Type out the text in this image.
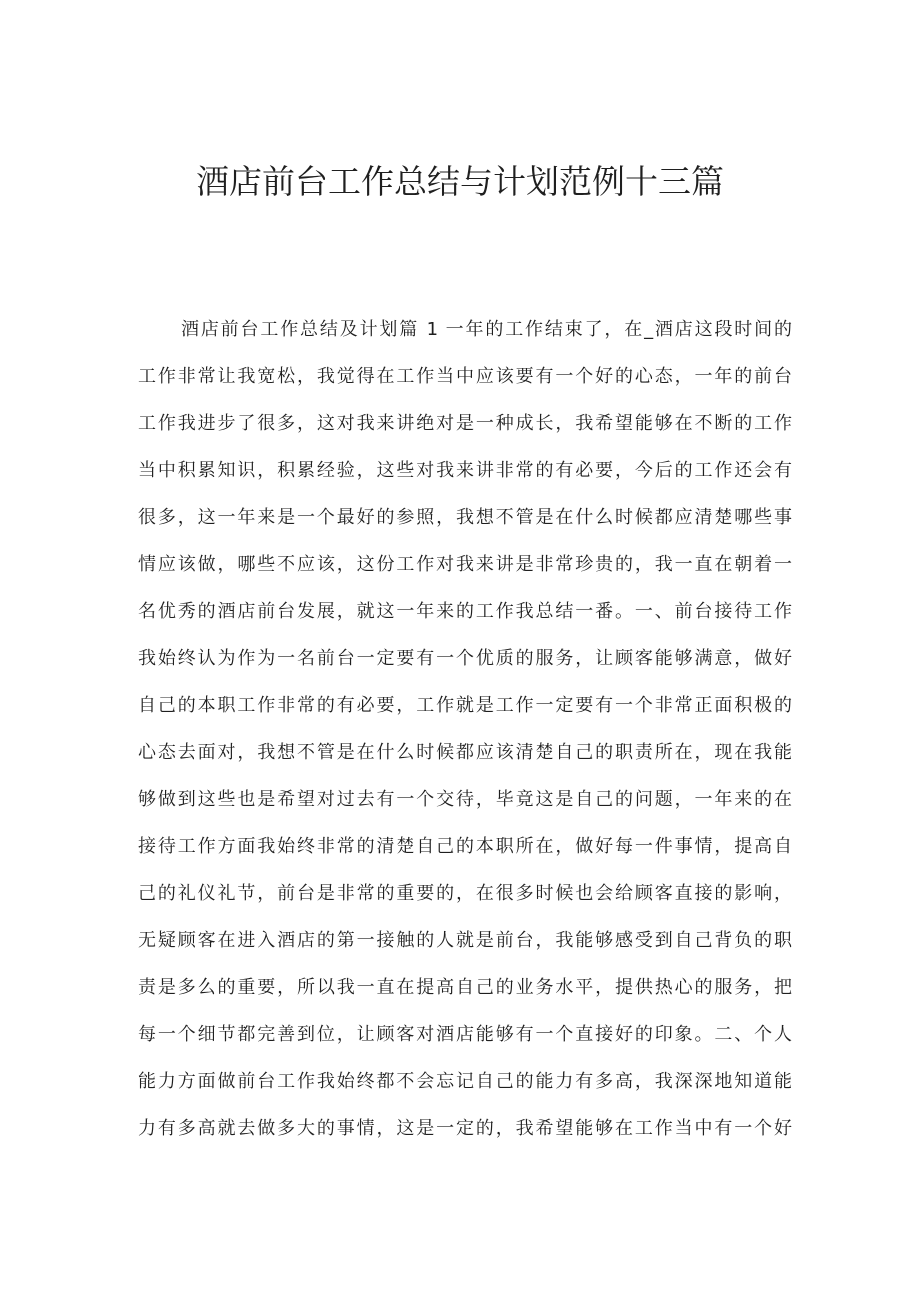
酒店前台工作总结与计划范例十三篇
酒店前台工作总结及计划篇 1 一年的工作结束了，在_酒店这段时间的
工作非常让我宽松，我觉得在工作当中应该要有一个好的心态，一年的前台
工作我进步了很多，这对我来讲绝对是一种成长，我希望能够在不断的工作
当中积累知识，积累经验，这些对我来讲非常的有必要，今后的工作还会有
很多，这一年来是一个最好的参照，我想不管是在什么时候都应清楚哪些事
情应该做，哪些不应该，这份工作对我来讲是非常珍贵的，我一直在朝着一
名优秀的酒店前台发展，就这一年来的工作我总结一番。一、前台接待工作
我始终认为作为一名前台一定要有一个优质的服务，让顾客能够满意，做好
自己的本职工作非常的有必要，工作就是工作一定要有一个非常正面积极的
心态去面对，我想不管是在什么时候都应该清楚自己的职责所在，现在我能
够做到这些也是希望对过去有一个交待，毕竟这是自己的问题，一年来的在
接待工作方面我始终非常的清楚自己的本职所在，做好每一件事情，提高自
己的礼仪礼节，前台是非常的重要的，在很多时候也会给顾客直接的影响，
无疑顾客在进入酒店的第一接触的人就是前台，我能够感受到自己背负的职
责是多么的重要，所以我一直在提高自己的业务水平，提供热心的服务，把
每一个细节都完善到位，让顾客对酒店能够有一个直接好的印象。二、个人
能力方面做前台工作我始终都不会忘记自己的能力有多高，我深深地知道能
力有多高就去做多大的事情，这是一定的，我希望能够在工作当中有一个好
